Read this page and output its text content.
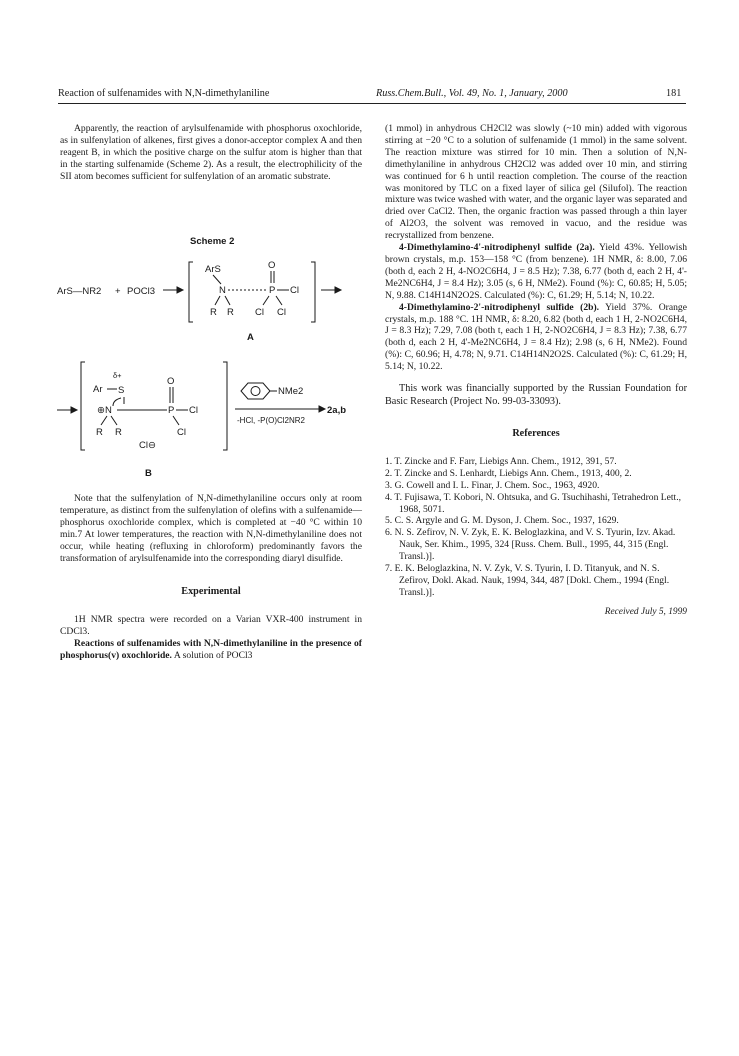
Reaction of sulfenamides with N,N-dimethylaniline	Russ.Chem.Bull., Vol. 49, No. 1, January, 2000	181

Apparently, the reaction of arylsulfenamide with phosphorus oxochloride, as in sulfenylation of alkenes, first gives a donor-acceptor complex A and then reagent B, in which the positive charge on the sulfur atom is higher than that in the starting sulfenamide (Scheme 2). As a result, the electrophilicity of the SII atom becomes sufficient for sulfenylation of an aromatic substrate.

Scheme 2
ArS—NR2 + POCl3
ArS
N	P
O
Cl
R R Cl Cl
A
δ+
Ar S
⊕N	P
O
Cl
Cl
R R
Cl⊖
NMe2
-HCl, -P(O)Cl2NR2
2a,b
B

Note that the sulfenylation of N,N-dimethylaniline occurs only at room temperature, as distinct from the sulfenylation of olefins with a sulfenamide—phosphorus oxochloride complex, which is completed at −40 °C within 10 min.7 At lower temperatures, the reaction with N,N-dimethylaniline does not occur, while heating (refluxing in chloroform) predominantly favors the transformation of arylsulfenamide into the corresponding diaryl disulfide.

Experimental

1H NMR spectra were recorded on a Varian VXR-400 instrument in CDCl3.

Reactions of sulfenamides with N,N-dimethylaniline in the presence of phosphorus(v) oxochloride. A solution of POCl3

(1 mmol) in anhydrous CH2Cl2 was slowly (~10 min) added with vigorous stirring at −20 °C to a solution of sulfenamide (1 mmol) in the same solvent. The reaction mixture was stirred for 10 min. Then a solution of N,N-dimethylaniline in anhydrous CH2Cl2 was added over 10 min, and stirring was continued for 6 h until reaction completion. The course of the reaction was monitored by TLC on a fixed layer of silica gel (Silufol). The reaction mixture was twice washed with water, and the organic layer was separated and dried over CaCl2. Then, the organic fraction was passed through a thin layer of Al2O3, the solvent was removed in vacuo, and the residue was recrystallized from benzene.

4-Dimethylamino-4'-nitrodiphenyl sulfide (2a). Yield 43%. Yellowish brown crystals, m.p. 153—158 °C (from benzene). 1H NMR, δ: 8.00, 7.06 (both d, each 2 H, 4-NO2C6H4, J = 8.5 Hz); 7.38, 6.77 (both d, each 2 H, 4'-Me2NC6H4, J = 8.4 Hz); 3.05 (s, 6 H, NMe2). Found (%): C, 60.85; H, 5.05; N, 9.88. C14H14N2O2S. Calculated (%): C, 61.29; H, 5.14; N, 10.22.

4-Dimethylamino-2'-nitrodiphenyl sulfide (2b). Yield 37%. Orange crystals, m.p. 188 °C. 1H NMR, δ: 8.20, 6.82 (both d, each 1 H, 2-NO2C6H4, J = 8.3 Hz); 7.29, 7.08 (both t, each 1 H, 2-NO2C6H4, J = 8.3 Hz); 7.38, 6.77 (both d, each 2 H, 4'-Me2NC6H4, J = 8.4 Hz); 2.98 (s, 6 H, NMe2). Found (%): C, 60.96; H, 4.78; N, 9.71. C14H14N2O2S. Calculated (%): C, 61.29; H, 5.14; N, 10.22.

This work was financially supported by the Russian Foundation for Basic Research (Project No. 99-03-33093).

References

1. T. Zincke and F. Farr, Liebigs Ann. Chem., 1912, 391, 57.
2. T. Zincke and S. Lenhardt, Liebigs Ann. Chem., 1913, 400, 2.
3. G. Cowell and I. L. Finar, J. Chem. Soc., 1963, 4920.
4. T. Fujisawa, T. Kobori, N. Ohtsuka, and G. Tsuchihashi, Tetrahedron Lett., 1968, 5071.
5. C. S. Argyle and G. M. Dyson, J. Chem. Soc., 1937, 1629.
6. N. S. Zefirov, N. V. Zyk, E. K. Beloglazkina, and V. S. Tyurin, Izv. Akad. Nauk, Ser. Khim., 1995, 324 [Russ. Chem. Bull., 1995, 44, 315 (Engl. Transl.)].
7. E. K. Beloglazkina, N. V. Zyk, V. S. Tyurin, I. D. Titanyuk, and N. S. Zefirov, Dokl. Akad. Nauk, 1994, 344, 487 [Dokl. Chem., 1994 (Engl. Transl.)].

Received July 5, 1999
